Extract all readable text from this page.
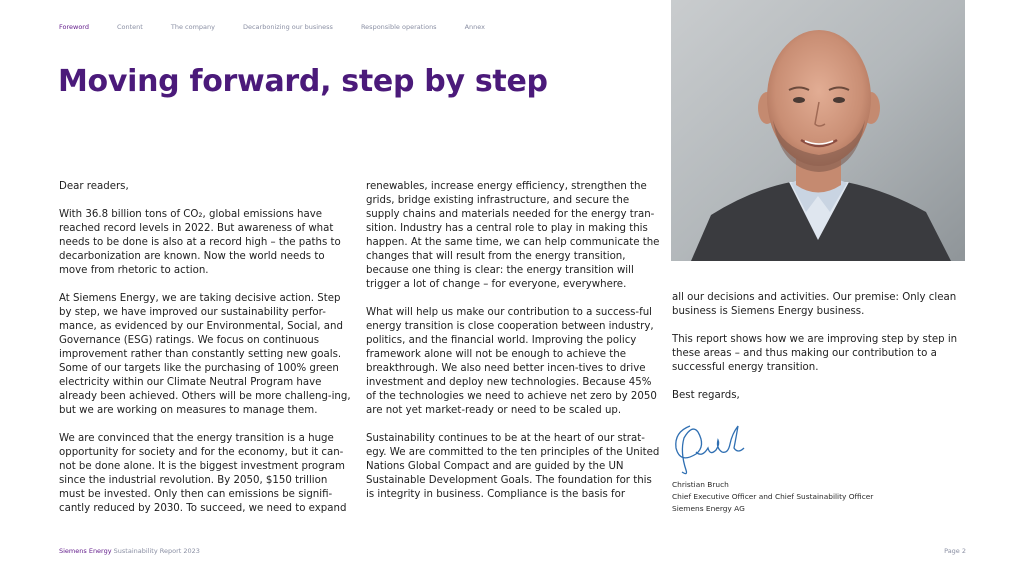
Foreword	Content	The company	Decarbonizing our business	Responsible operations	Annex
Moving forward, step by step

Dear readers,

With 36.8 billion tons of CO₂, global emissions have reached record levels in 2022. But awareness of what needs to be done is also at a record high – the paths to decarbonization are known. Now the world needs to move from rhetoric to action.

At Siemens Energy, we are taking decisive action. Step by step, we have improved our sustainability perfor-mance, as evidenced by our Environmental, Social, and Governance (ESG) ratings. We focus on continuous improvement rather than constantly setting new goals. Some of our targets like the purchasing of 100% green electricity within our Climate Neutral Program have already been achieved. Others will be more challeng-ing, but we are working on measures to manage them.

We are convinced that the energy transition is a huge opportunity for society and for the economy, but it can-not be done alone. It is the biggest investment program since the industrial revolution. By 2050, $150 trillion must be invested. Only then can emissions be signifi-cantly reduced by 2030. To succeed, we need to expand

renewables, increase energy efficiency, strengthen the grids, bridge existing infrastructure, and secure the supply chains and materials needed for the energy tran-sition. Industry has a central role to play in making this happen. At the same time, we can help communicate the changes that will result from the energy transition, because one thing is clear: the energy transition will trigger a lot of change – for everyone, everywhere.

What will help us make our contribution to a success-ful energy transition is close cooperation between industry, politics, and the financial world. Improving the policy framework alone will not be enough to achieve the breakthrough. We also need better incen-tives to drive investment and deploy new technologies. Because 45% of the technologies we need to achieve net zero by 2050 are not yet market-ready or need to be scaled up.

Sustainability continues to be at the heart of our strat-egy. We are committed to the ten principles of the United Nations Global Compact and are guided by the UN Sustainable Development Goals. The foundation for this is integrity in business. Compliance is the basis for

all our decisions and activities. Our premise: Only clean business is Siemens Energy business.

This report shows how we are improving step by step in these areas – and thus making our contribution to a successful energy transition.

Best regards,

Christian Bruch
Chief Executive Officer and Chief Sustainability Officer
Siemens Energy AG
Siemens Energy Sustainability Report 2023	Page 2
